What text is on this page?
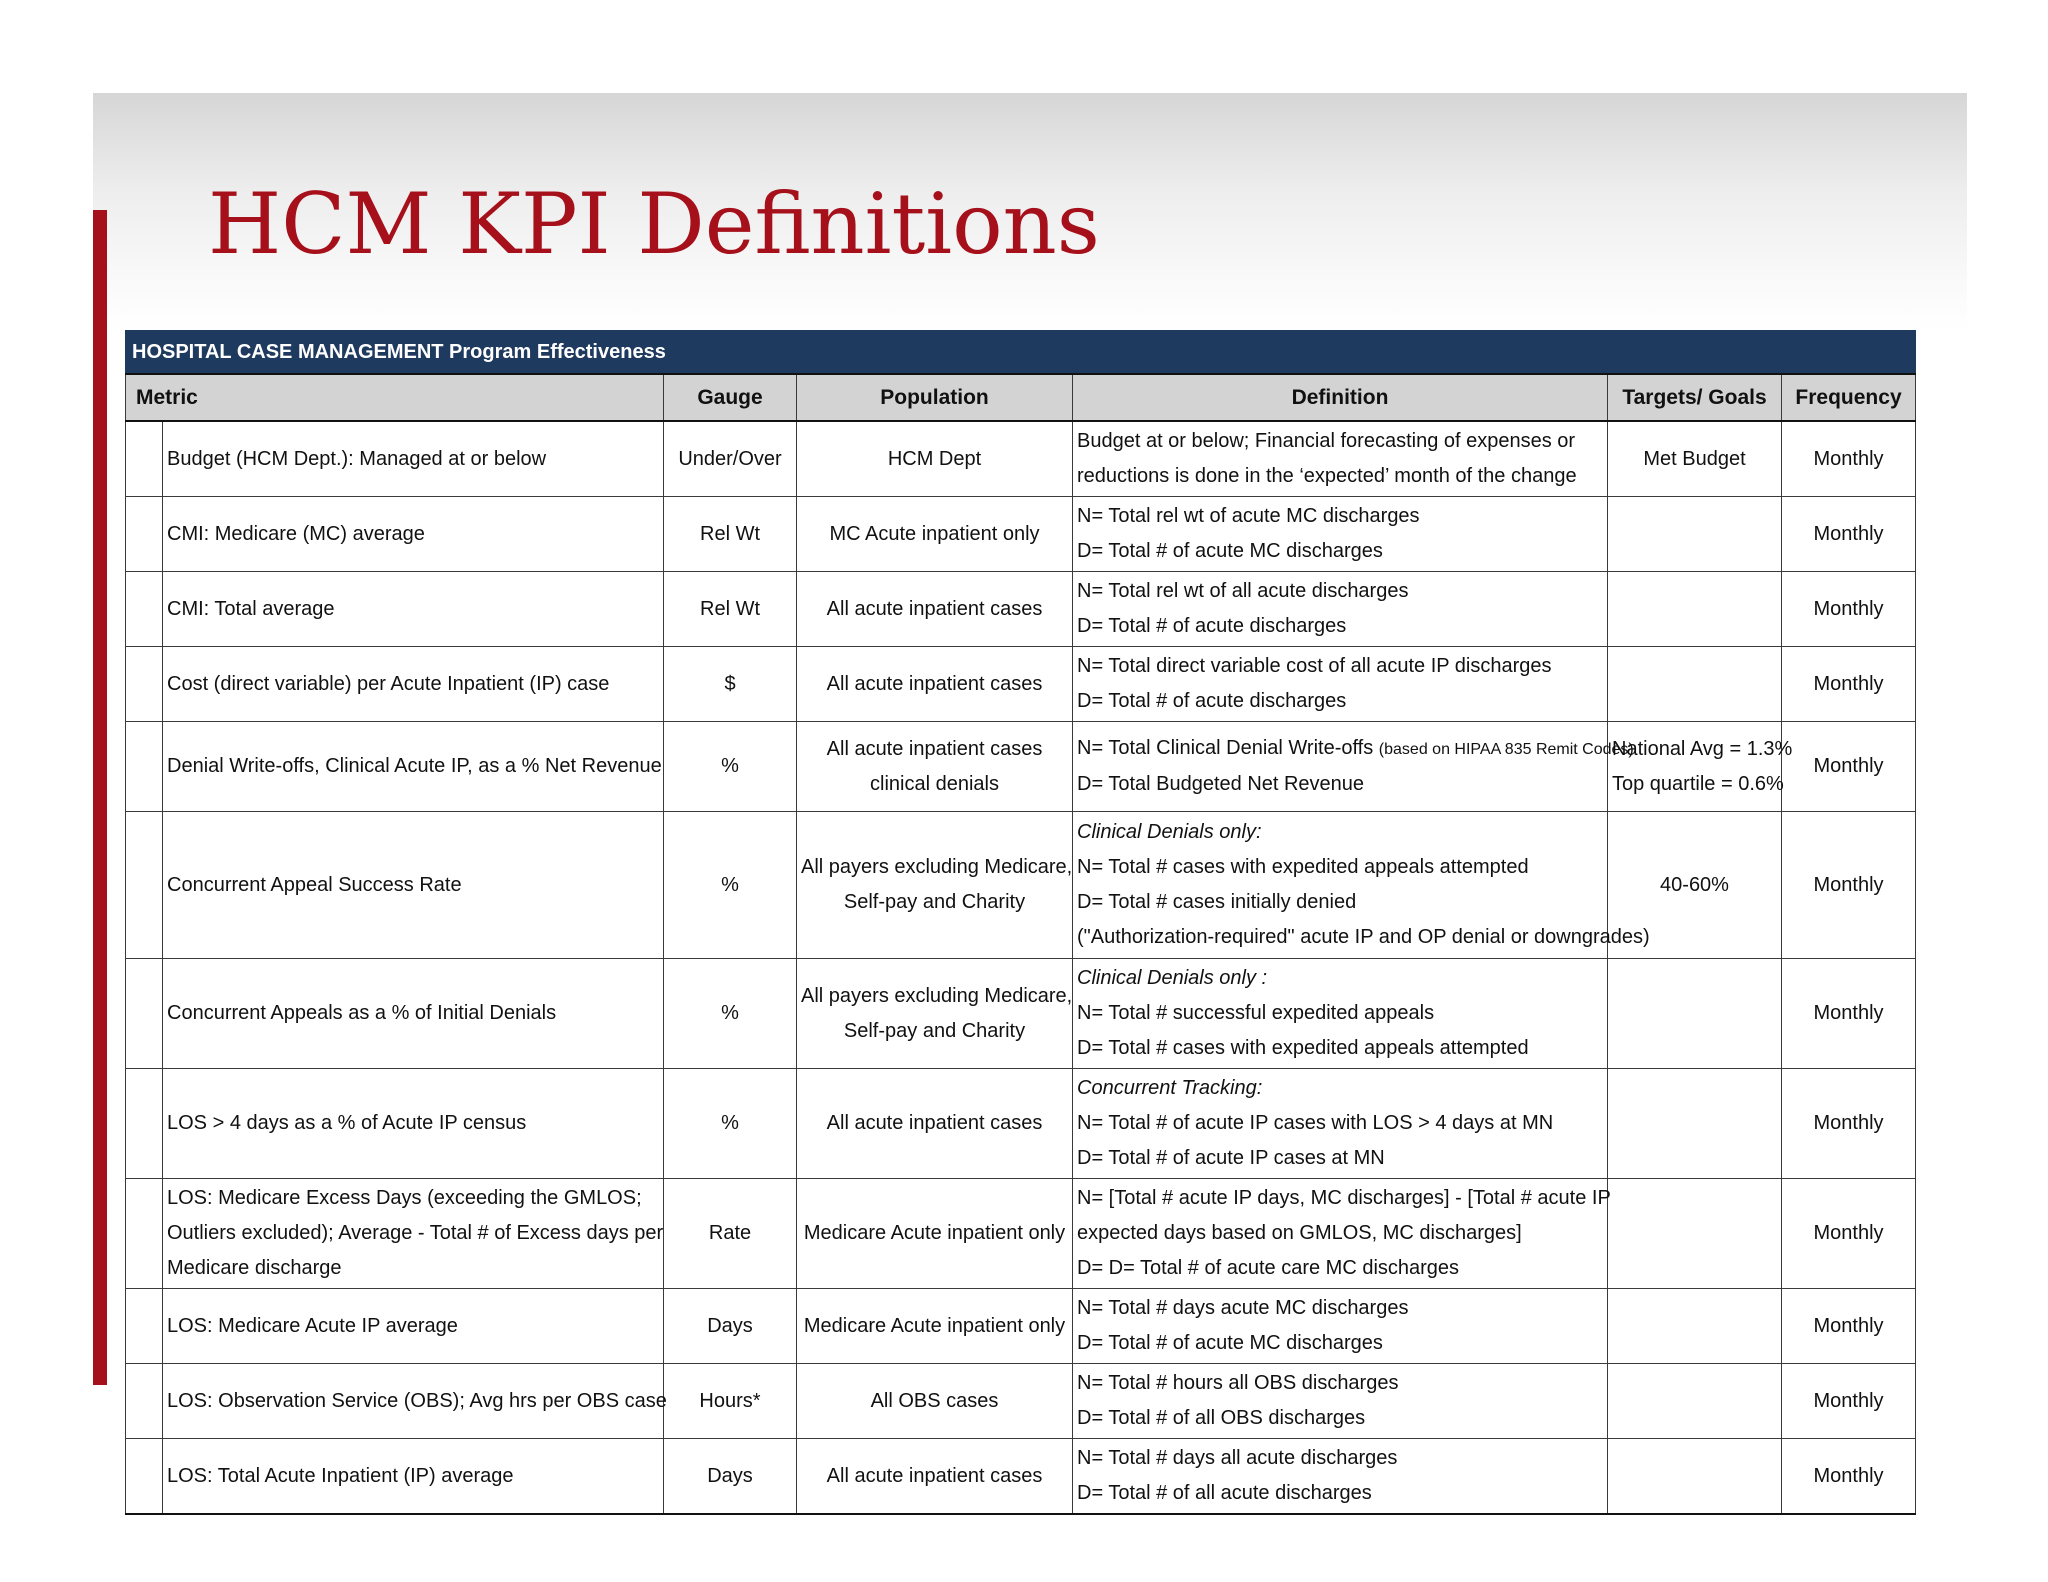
HCM KPI Definitions
HOSPITAL CASE MANAGEMENT Program Effectiveness						
Metric		Gauge	Population	Definition	Targets/ Goals	Frequency

	Budget (HCM Dept.): Managed at or below	Under/Over	HCM Dept	Budget at or below; Financial forecasting of expenses or
reductions is done in the ‘expected’ month of the change	Met Budget	Monthly

	CMI: Medicare (MC) average	Rel Wt	MC Acute inpatient only	N= Total rel wt of acute MC discharges
D= Total # of acute MC discharges		Monthly

	CMI: Total average	Rel Wt	All acute inpatient cases	N= Total rel wt of all acute discharges
D= Total # of acute discharges		Monthly

	Cost (direct variable) per Acute Inpatient (IP) case	$	All acute inpatient cases	N= Total direct variable cost of all acute IP discharges
D= Total # of acute discharges		Monthly

	Denial Write-offs, Clinical Acute IP, as a % Net Revenue	%	All acute inpatient cases
clinical denials	N= Total Clinical Denial Write-offs (based on HIPAA 835 Remit Codes)
D= Total Budgeted Net Revenue	National Avg = 1.3%
Top quartile = 0.6%	Monthly

	Concurrent Appeal Success Rate	%	All payers excluding Medicare,
Self-pay and Charity	Clinical Denials only:
N= Total # cases with expedited appeals attempted
D= Total # cases initially denied
("Authorization-required" acute IP and OP denial or downgrades)	40-60%	Monthly

	Concurrent Appeals as a % of Initial Denials	%	All payers excluding Medicare,
Self-pay and Charity	Clinical Denials only :
N= Total # successful expedited appeals
D= Total # cases with expedited appeals attempted		Monthly

	LOS > 4 days as a % of Acute IP census	%	All acute inpatient cases	Concurrent Tracking:
N= Total # of acute IP cases with LOS > 4 days at MN
D= Total # of acute IP cases at MN		Monthly

	LOS: Medicare Excess Days (exceeding the GMLOS;
Outliers excluded); Average - Total # of Excess days per
Medicare discharge	Rate	Medicare Acute inpatient only	N= [Total # acute IP days, MC discharges] - [Total # acute IP
expected days based on GMLOS, MC discharges]
D= D= Total # of acute care MC discharges		Monthly

	LOS: Medicare Acute IP average	Days	Medicare Acute inpatient only	N= Total # days acute MC discharges
D= Total # of acute MC discharges		Monthly

	LOS: Observation Service (OBS); Avg hrs per OBS case	Hours*	All OBS cases	N= Total # hours all OBS discharges
D= Total # of all OBS discharges		Monthly

	LOS: Total Acute Inpatient (IP) average	Days	All acute inpatient cases	N= Total # days all acute discharges
D= Total # of all acute discharges		Monthly
